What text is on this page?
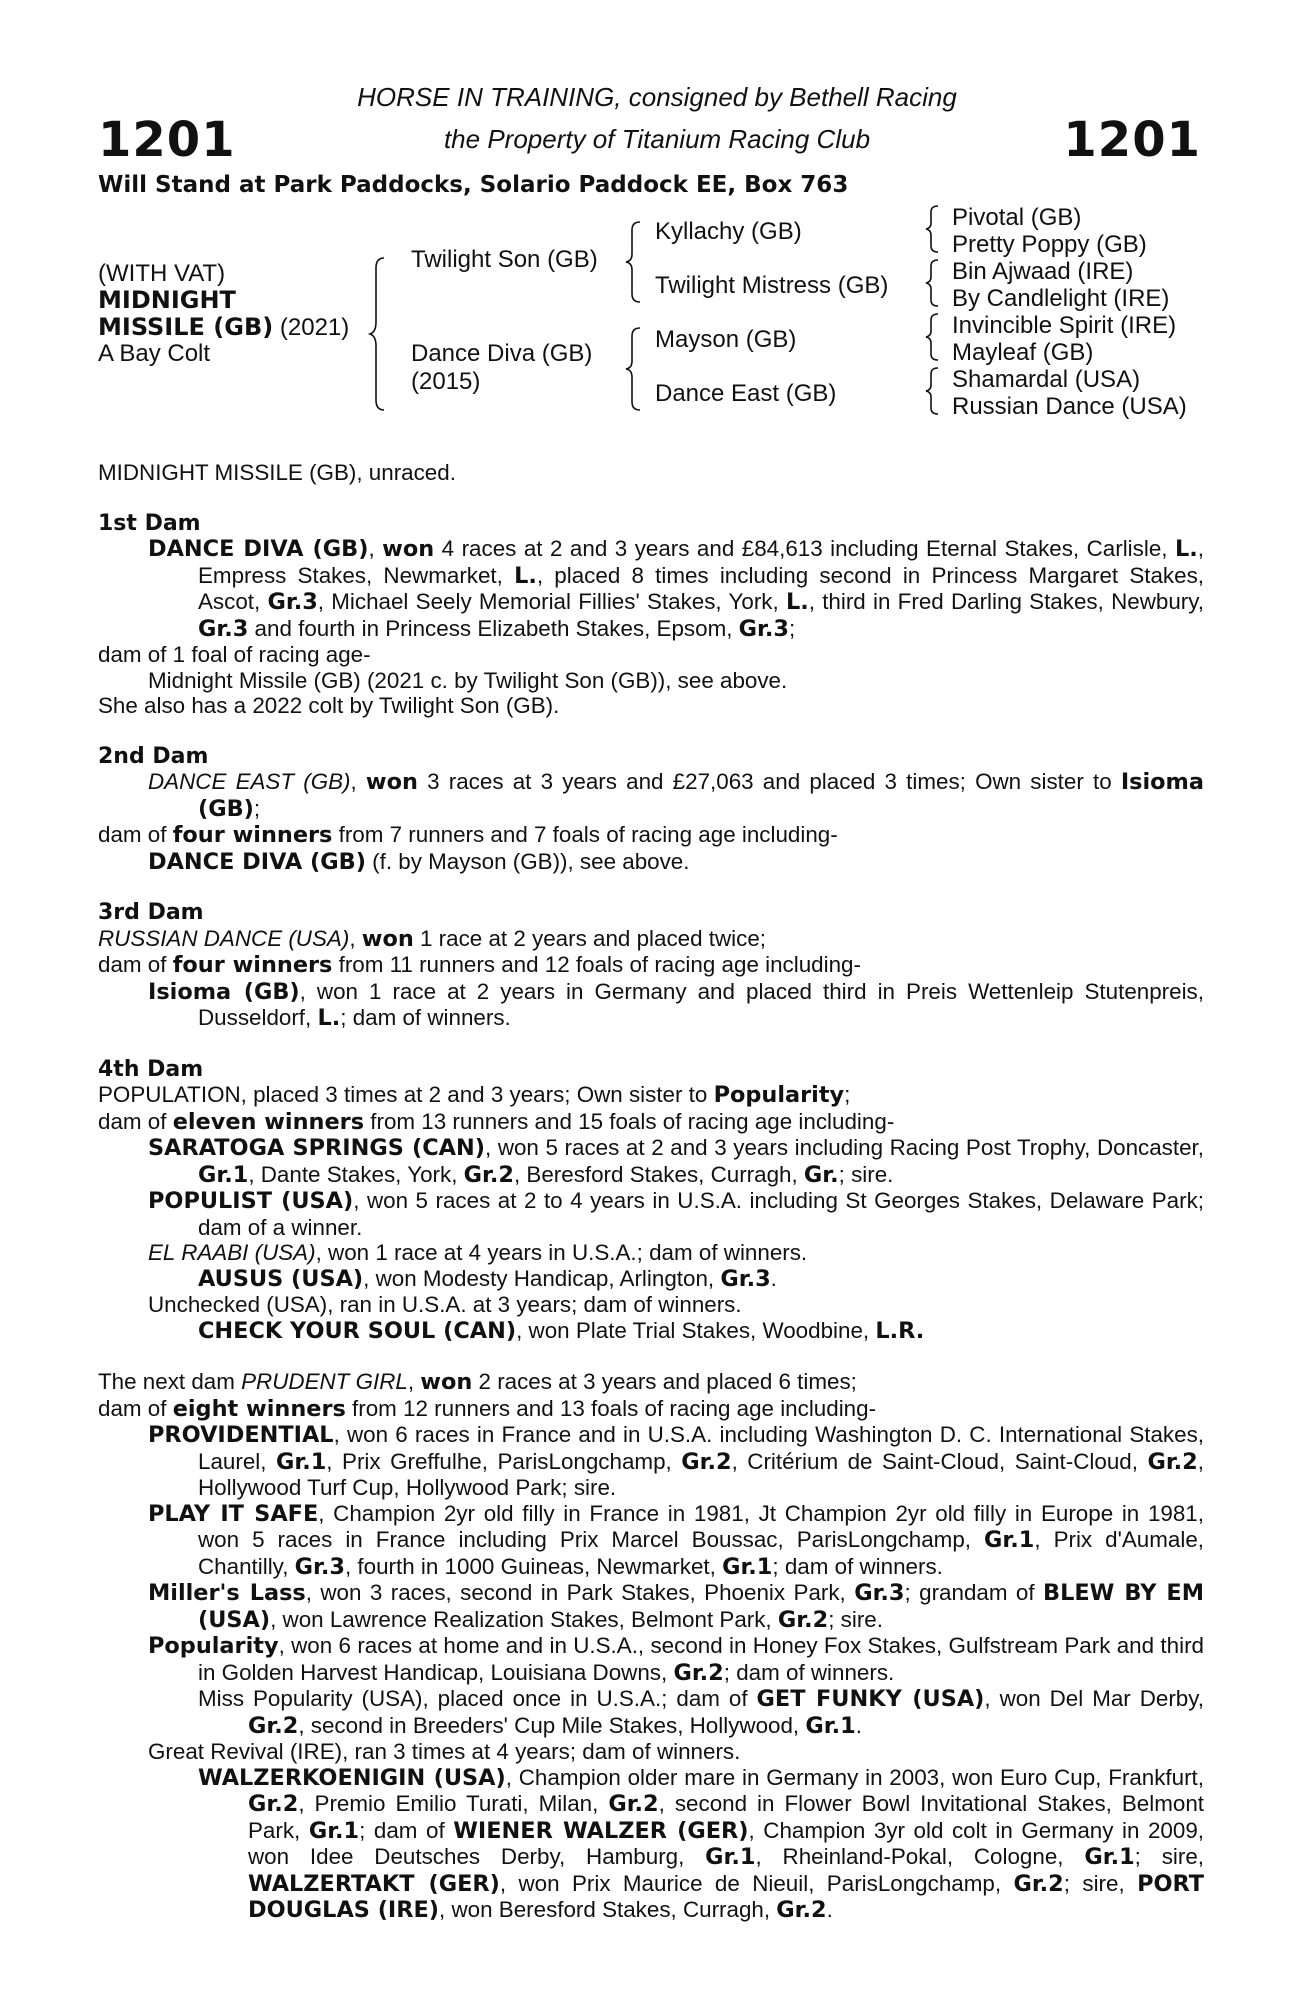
1201	1201
HORSE IN TRAINING, consigned by Bethell Racing
the Property of Titanium Racing Club
Will Stand at Park Paddocks, Solario Paddock EE, Box 763
(WITH VAT)
MIDNIGHT
MISSILE (GB) (2021)
A Bay Colt
Twilight Son (GB)
Dance Diva (GB)
(2015)
Kyllachy (GB)
Twilight Mistress (GB)
Mayson (GB)
Dance East (GB)
Pivotal (GB)
Pretty Poppy (GB)
Bin Ajwaad (IRE)
By Candlelight (IRE)
Invincible Spirit (IRE)
Mayleaf (GB)
Shamardal (USA)
Russian Dance (USA)

MIDNIGHT MISSILE (GB), unraced.

1st Dam

DANCE DIVA (GB), won 4 races at 2 and 3 years and £84,613 including Eternal Stakes, Carlisle, L., Empress Stakes, Newmarket, L., placed 8 times including second in Princess Margaret Stakes, Ascot, Gr.3, Michael Seely Memorial Fillies' Stakes, York, L., third in Fred Darling Stakes, Newbury, Gr.3 and fourth in Princess Elizabeth Stakes, Epsom, Gr.3;

dam of 1 foal of racing age-

Midnight Missile (GB) (2021 c. by Twilight Son (GB)), see above.

She also has a 2022 colt by Twilight Son (GB).

2nd Dam

DANCE EAST (GB), won 3 races at 3 years and £27,063 and placed 3 times; Own sister to Isioma (GB);

dam of four winners from 7 runners and 7 foals of racing age including-

DANCE DIVA (GB) (f. by Mayson (GB)), see above.

3rd Dam

RUSSIAN DANCE (USA), won 1 race at 2 years and placed twice;

dam of four winners from 11 runners and 12 foals of racing age including-

Isioma (GB), won 1 race at 2 years in Germany and placed third in Preis Wettenleip Stutenpreis, Dusseldorf, L.; dam of winners.

4th Dam

POPULATION, placed 3 times at 2 and 3 years; Own sister to Popularity;

dam of eleven winners from 13 runners and 15 foals of racing age including-

SARATOGA SPRINGS (CAN), won 5 races at 2 and 3 years including Racing Post Trophy, Doncaster, Gr.1, Dante Stakes, York, Gr.2, Beresford Stakes, Curragh, Gr.; sire.

POPULIST (USA), won 5 races at 2 to 4 years in U.S.A. including St Georges Stakes, Delaware Park; dam of a winner.

EL RAABI (USA), won 1 race at 4 years in U.S.A.; dam of winners.

AUSUS (USA), won Modesty Handicap, Arlington, Gr.3.

Unchecked (USA), ran in U.S.A. at 3 years; dam of winners.

CHECK YOUR SOUL (CAN), won Plate Trial Stakes, Woodbine, L.R.

The next dam PRUDENT GIRL, won 2 races at 3 years and placed 6 times;

dam of eight winners from 12 runners and 13 foals of racing age including-

PROVIDENTIAL, won 6 races in France and in U.S.A. including Washington D. C. International Stakes, Laurel, Gr.1, Prix Greffulhe, ParisLongchamp, Gr.2, Critérium de Saint-Cloud, Saint-Cloud, Gr.2, Hollywood Turf Cup, Hollywood Park; sire.

PLAY IT SAFE, Champion 2yr old filly in France in 1981, Jt Champion 2yr old filly in Europe in 1981, won 5 races in France including Prix Marcel Boussac, ParisLongchamp, Gr.1, Prix d'Aumale, Chantilly, Gr.3, fourth in 1000 Guineas, Newmarket, Gr.1; dam of winners.

Miller's Lass, won 3 races, second in Park Stakes, Phoenix Park, Gr.3; grandam of BLEW BY EM (USA), won Lawrence Realization Stakes, Belmont Park, Gr.2; sire.

Popularity, won 6 races at home and in U.S.A., second in Honey Fox Stakes, Gulfstream Park and third in Golden Harvest Handicap, Louisiana Downs, Gr.2; dam of winners.

Miss Popularity (USA), placed once in U.S.A.; dam of GET FUNKY (USA), won Del Mar Derby, Gr.2, second in Breeders' Cup Mile Stakes, Hollywood, Gr.1.

Great Revival (IRE), ran 3 times at 4 years; dam of winners.

WALZERKOENIGIN (USA), Champion older mare in Germany in 2003, won Euro Cup, Frankfurt, Gr.2, Premio Emilio Turati, Milan, Gr.2, second in Flower Bowl Invitational Stakes, Belmont Park, Gr.1; dam of WIENER WALZER (GER), Champion 3yr old colt in Germany in 2009, won Idee Deutsches Derby, Hamburg, Gr.1, Rheinland-Pokal, Cologne, Gr.1; sire, WALZERTAKT (GER), won Prix Maurice de Nieuil, ParisLongchamp, Gr.2; sire, PORT DOUGLAS (IRE), won Beresford Stakes, Curragh, Gr.2.
